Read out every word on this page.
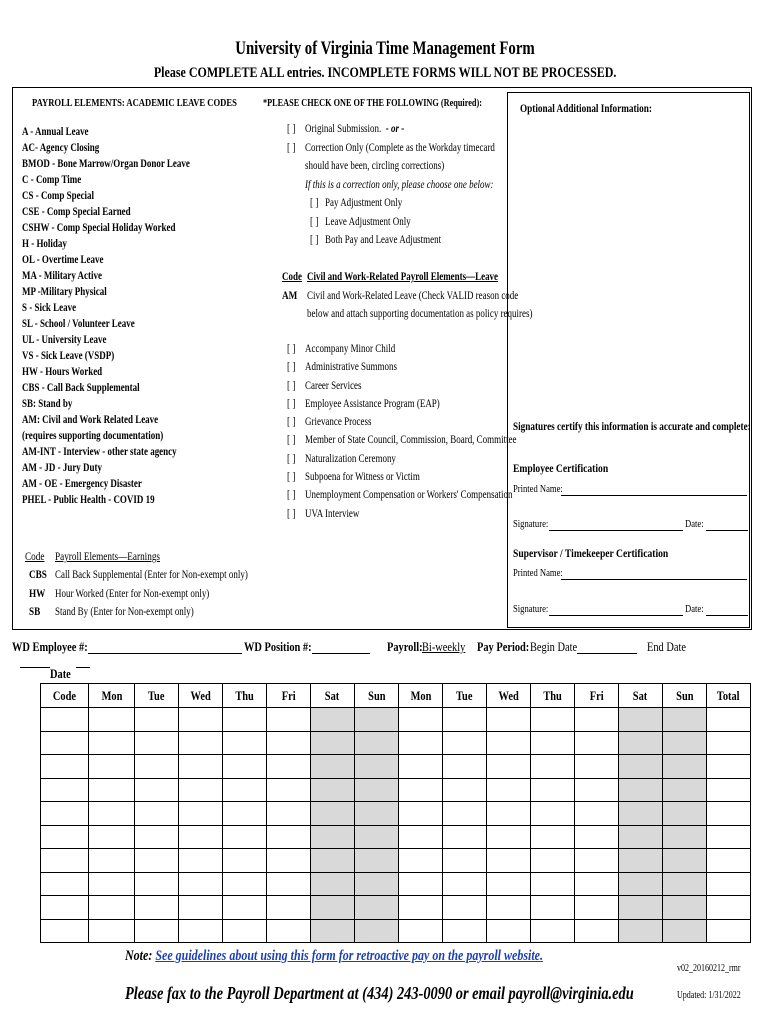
University of Virginia Time Management Form
Please COMPLETE ALL entries. INCOMPLETE FORMS WILL NOT BE PROCESSED.
PAYROLL ELEMENTS: ACADEMIC LEAVE CODES
A - Annual Leave
AC- Agency Closing
BMOD - Bone Marrow/Organ Donor Leave
C - Comp Time
CS - Comp Special
CSE - Comp Special Earned
CSHW - Comp Special Holiday Worked
H - Holiday
OL - Overtime Leave
MA - Military Active
MP -Military Physical
S - Sick Leave
SL - School / Volunteer Leave
UL - University Leave
VS - Sick Leave (VSDP)
HW - Hours Worked
CBS - Call Back Supplemental
SB: Stand by
AM: Civil and Work Related Leave
(requires supporting documentation)
AM-INT - Interview - other state agency
AM - JD - Jury Duty
AM - OE - Emergency Disaster
PHEL - Public Health - COVID 19
Code Payroll Elements—Earnings
CBS Call Back Supplemental (Enter for Non-exempt only)
HW Hour Worked (Enter for Non-exempt only)
SB Stand By (Enter for Non-exempt only)
*PLEASE CHECK ONE OF THE FOLLOWING (Required):
[ ] Original Submission. - or -
[ ] Correction Only (Complete as the Workday timecard
should have been, circling corrections)
If this is a correction only, please choose one below:
[ ] Pay Adjustment Only
[ ] Leave Adjustment Only
[ ] Both Pay and Leave Adjustment
Code Civil and Work-Related Payroll Elements—Leave
AM Civil and Work-Related Leave (Check VALID reason code
below and attach supporting documentation as policy requires)
[ ] Accompany Minor Child
[ ] Administrative Summons
[ ] Career Services
[ ] Employee Assistance Program (EAP)
[ ] Grievance Process
[ ] Member of State Council, Commission, Board, Committee
[ ] Naturalization Ceremony
[ ] Subpoena for Witness or Victim
[ ] Unemployment Compensation or Workers' Compensation
[ ] UVA Interview
Optional Additional Information:
Signatures certify this information is accurate and complete:
Employee Certification
Printed Name:
Signature:	Date:
Supervisor / Timekeeper Certification
Printed Name:
Signature:	Date:
WD Employee #:	WD Position #:	Payroll: Bi-weekly Pay Period: Begin Date	End Date
Date
Code	Mon	Tue	Wed	Thu	Fri	Sat	Sun	Mon	Tue	Wed	Thu	Fri	Sat	Sun	Total

Note: See guidelines about using this form for retroactive pay on the payroll website.
v02_20160212_rmr
Please fax to the Payroll Department at (434) 243-0090 or email payroll@virginia.edu	Updated: 1/31/2022
